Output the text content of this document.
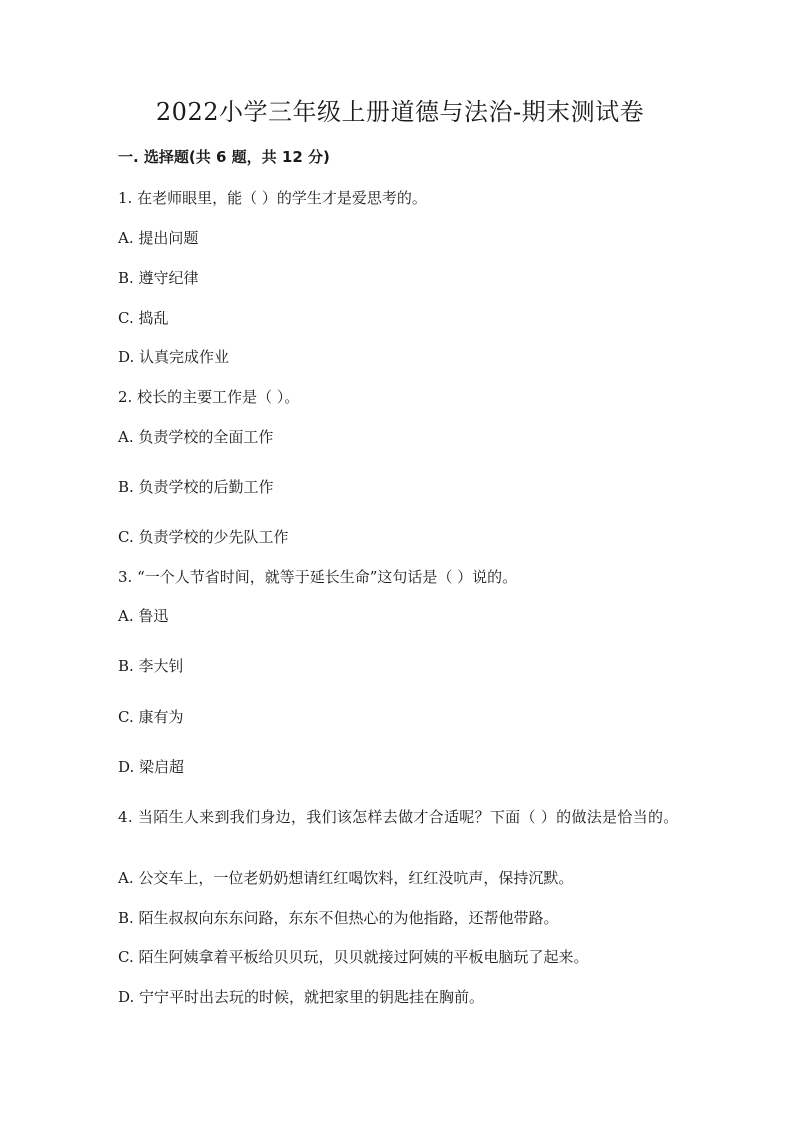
2022小学三年级上册道德与法治-期末测试卷
一. 选择题(共 6 题，共 12 分)
1. 在老师眼里，能（ ）的学生才是爱思考的。
A. 提出问题
B. 遵守纪律
C. 捣乱
D. 认真完成作业
2. 校长的主要工作是（ ）。
A. 负责学校的全面工作
B. 负责学校的后勤工作
C. 负责学校的少先队工作
3. “一个人节省时间，就等于延长生命”这句话是（ ）说的。
A. 鲁迅
B. 李大钊
C. 康有为
D. 梁启超
4. 当陌生人来到我们身边，我们该怎样去做才合适呢？下面（ ）的做法是恰当的。
A. 公交车上，一位老奶奶想请红红喝饮料，红红没吭声，保持沉默。
B. 陌生叔叔向东东问路，东东不但热心的为他指路，还帮他带路。
C. 陌生阿姨拿着平板给贝贝玩，贝贝就接过阿姨的平板电脑玩了起来。
D. 宁宁平时出去玩的时候，就把家里的钥匙挂在胸前。
